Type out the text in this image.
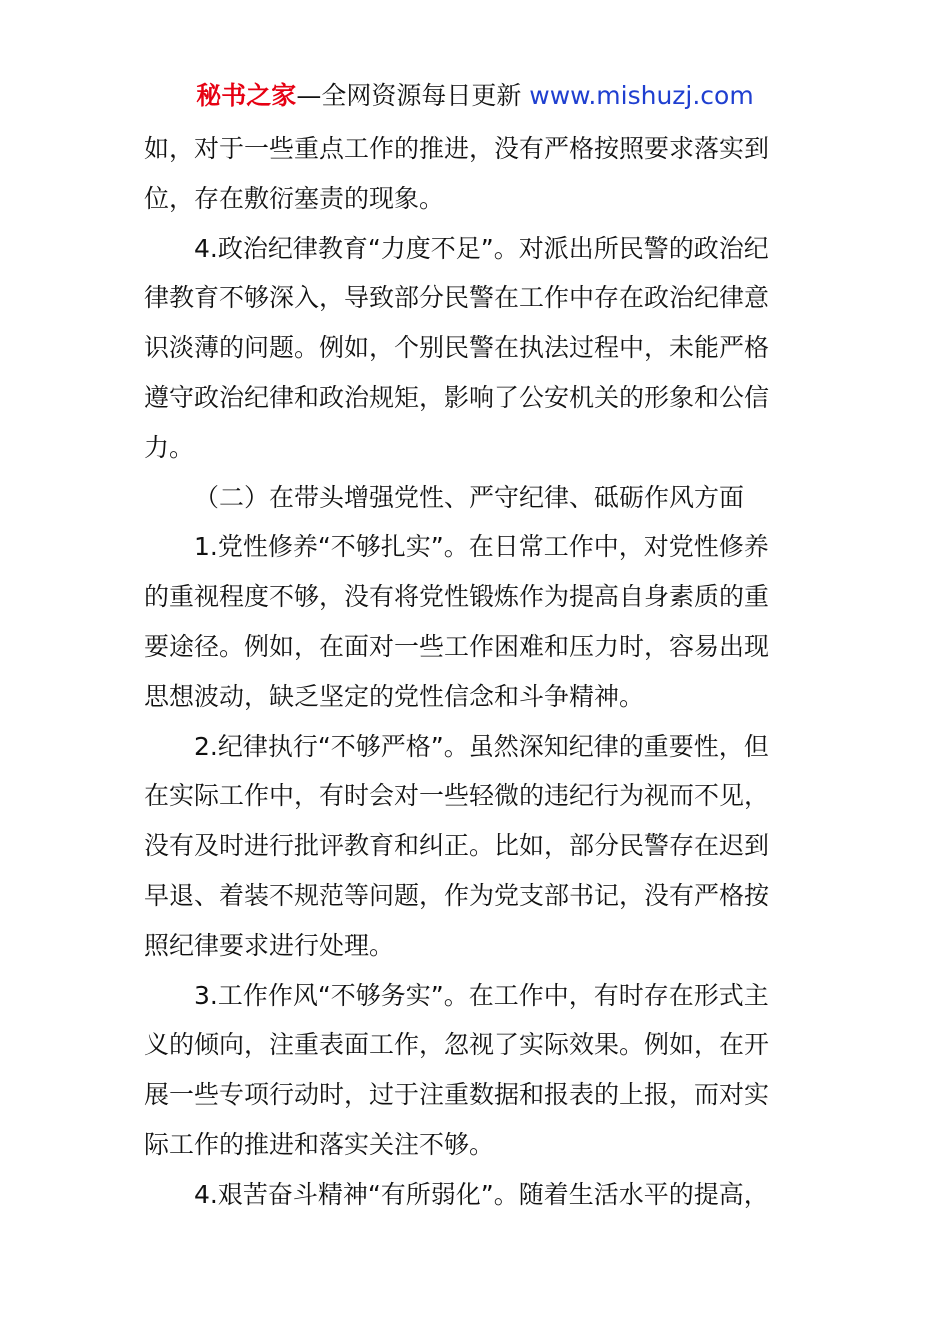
秘书之家—全网资源每日更新 www.mishuzj.com
如，对于一些重点工作的推进，没有严格按照要求落实到
位，存在敷衍塞责的现象。
4.政治纪律教育“力度不足”。对派出所民警的政治纪
律教育不够深入，导致部分民警在工作中存在政治纪律意
识淡薄的问题。例如，个别民警在执法过程中，未能严格
遵守政治纪律和政治规矩，影响了公安机关的形象和公信
力。
（二）在带头增强党性、严守纪律、砥砺作风方面
1.党性修养“不够扎实”。在日常工作中，对党性修养
的重视程度不够，没有将党性锻炼作为提高自身素质的重
要途径。例如，在面对一些工作困难和压力时，容易出现
思想波动，缺乏坚定的党性信念和斗争精神。
2.纪律执行“不够严格”。虽然深知纪律的重要性，但
在实际工作中，有时会对一些轻微的违纪行为视而不见，
没有及时进行批评教育和纠正。比如，部分民警存在迟到
早退、着装不规范等问题，作为党支部书记，没有严格按
照纪律要求进行处理。
3.工作作风“不够务实”。在工作中，有时存在形式主
义的倾向，注重表面工作，忽视了实际效果。例如，在开
展一些专项行动时，过于注重数据和报表的上报，而对实
际工作的推进和落实关注不够。
4.艰苦奋斗精神“有所弱化”。随着生活水平的提高，
